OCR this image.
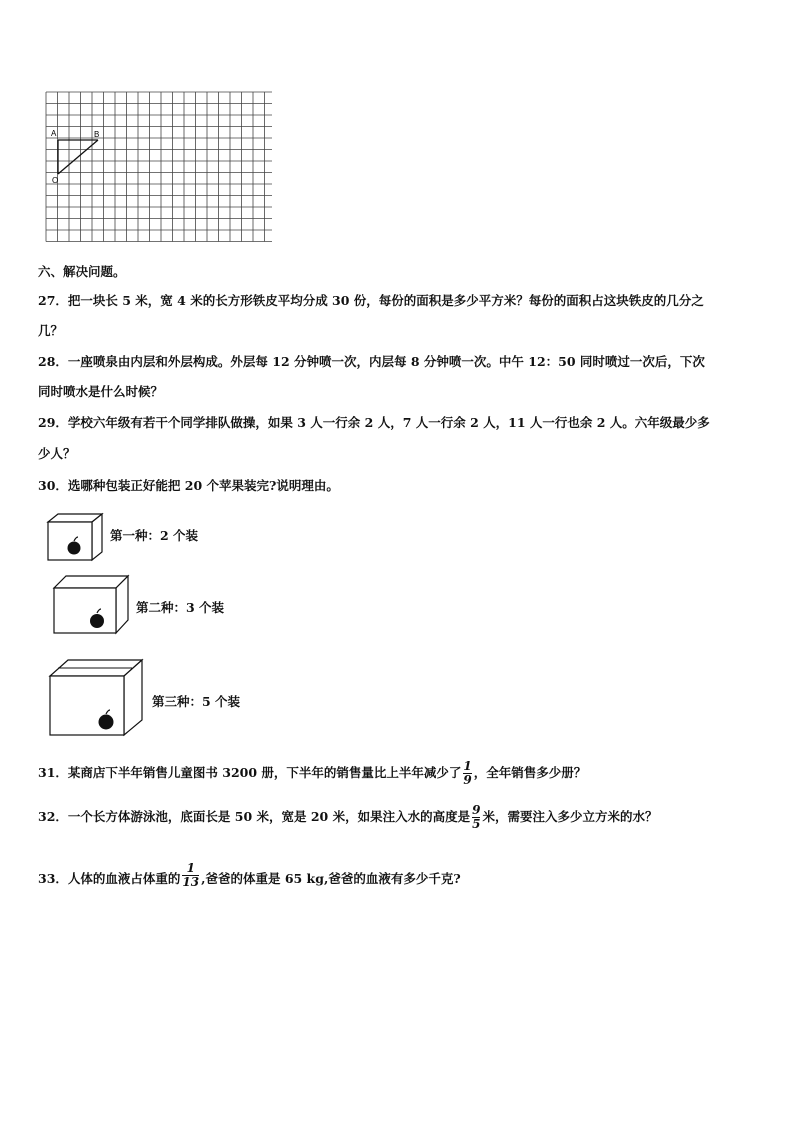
A	B
O
六、解决问题。
27．把一块长 5 米，宽 4 米的长方形铁皮平均分成 30 份，每份的面积是多少平方米？每份的面积占这块铁皮的几分之
几？
28．一座喷泉由内层和外层构成。外层每 12 分钟喷一次，内层每 8 分钟喷一次。中午 12：50 同时喷过一次后，下次
同时喷水是什么时候？
29．学校六年级有若干个同学排队做操，如果 3 人一行余 2 人，7 人一行余 2 人，11 人一行也余 2 人。六年级最少多
少人？
30．选哪种包装正好能把 20 个苹果装完?说明理由。
第一种：2 个装
第二种：3 个装
第三种：5 个装
31．某商店下半年销售儿童图书 3200 册，下半年的销售量比上半年减少了 $\frac{1}{9}$ ，全年销售多少册？
32．一个长方体游泳池，底面长是 50 米，宽是 20 米，如果注入水的高度是 $\frac{9}{5}$ 米，需要注入多少立方米的水？
33．人体的血液占体重的 $\frac{1}{13}$ ,爸爸的体重是 65 kg,爸爸的血液有多少千克?
